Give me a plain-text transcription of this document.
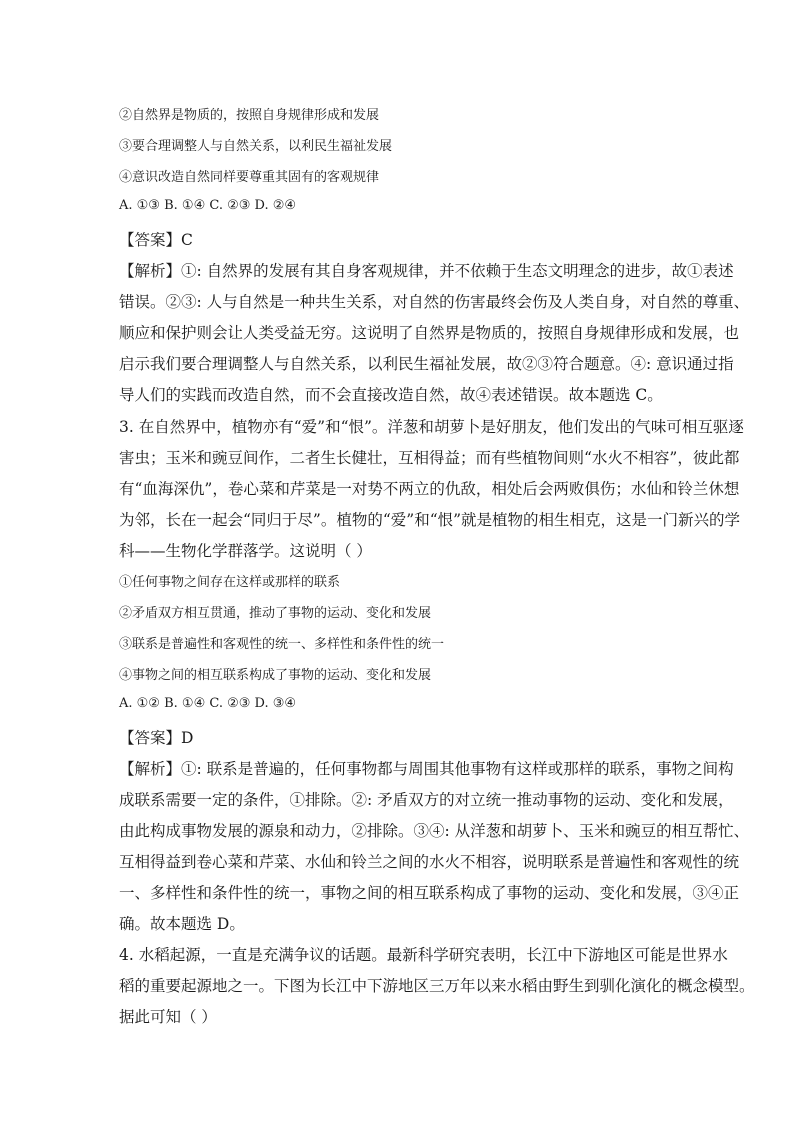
②自然界是物质的，按照自身规律形成和发展
③要合理调整人与自然关系，以利民生福祉发展
④意识改造自然同样要尊重其固有的客观规律
A. ①③ B. ①④ C. ②③ D. ②④
【答案】C
【解析】①: 自然界的发展有其自身客观规律，并不依赖于生态文明理念的进步，故①表述
错误。②③: 人与自然是一种共生关系，对自然的伤害最终会伤及人类自身，对自然的尊重、
顺应和保护则会让人类受益无穷。这说明了自然界是物质的，按照自身规律形成和发展，也
启示我们要合理调整人与自然关系，以利民生福祉发展，故②③符合题意。④: 意识通过指
导人们的实践而改造自然，而不会直接改造自然，故④表述错误。故本题选 C。
3. 在自然界中，植物亦有“爱”和“恨”。洋葱和胡萝卜是好朋友，他们发出的气味可相互驱逐
害虫；玉米和豌豆间作，二者生长健壮，互相得益；而有些植物间则“水火不相容”，彼此都
有“血海深仇”，卷心菜和芹菜是一对势不两立的仇敌，相处后会两败俱伤；水仙和铃兰休想
为邻，长在一起会“同归于尽”。植物的“爱”和“恨”就是植物的相生相克，这是一门新兴的学
科——生物化学群落学。这说明（ ）
①任何事物之间存在这样或那样的联系
②矛盾双方相互贯通，推动了事物的运动、变化和发展
③联系是普遍性和客观性的统一、多样性和条件性的统一
④事物之间的相互联系构成了事物的运动、变化和发展
A. ①② B. ①④ C. ②③ D. ③④
【答案】D
【解析】①: 联系是普遍的，任何事物都与周围其他事物有这样或那样的联系，事物之间构
成联系需要一定的条件，①排除。②: 矛盾双方的对立统一推动事物的运动、变化和发展，
由此构成事物发展的源泉和动力，②排除。③④: 从洋葱和胡萝卜、玉米和豌豆的相互帮忙、
互相得益到卷心菜和芹菜、水仙和铃兰之间的水火不相容，说明联系是普遍性和客观性的统
一、多样性和条件性的统一，事物之间的相互联系构成了事物的运动、变化和发展，③④正
确。故本题选 D。
4. 水稻起源，一直是充满争议的话题。最新科学研究表明，长江中下游地区可能是世界水
稻的重要起源地之一。下图为长江中下游地区三万年以来水稻由野生到驯化演化的概念模型。
据此可知（ ）
